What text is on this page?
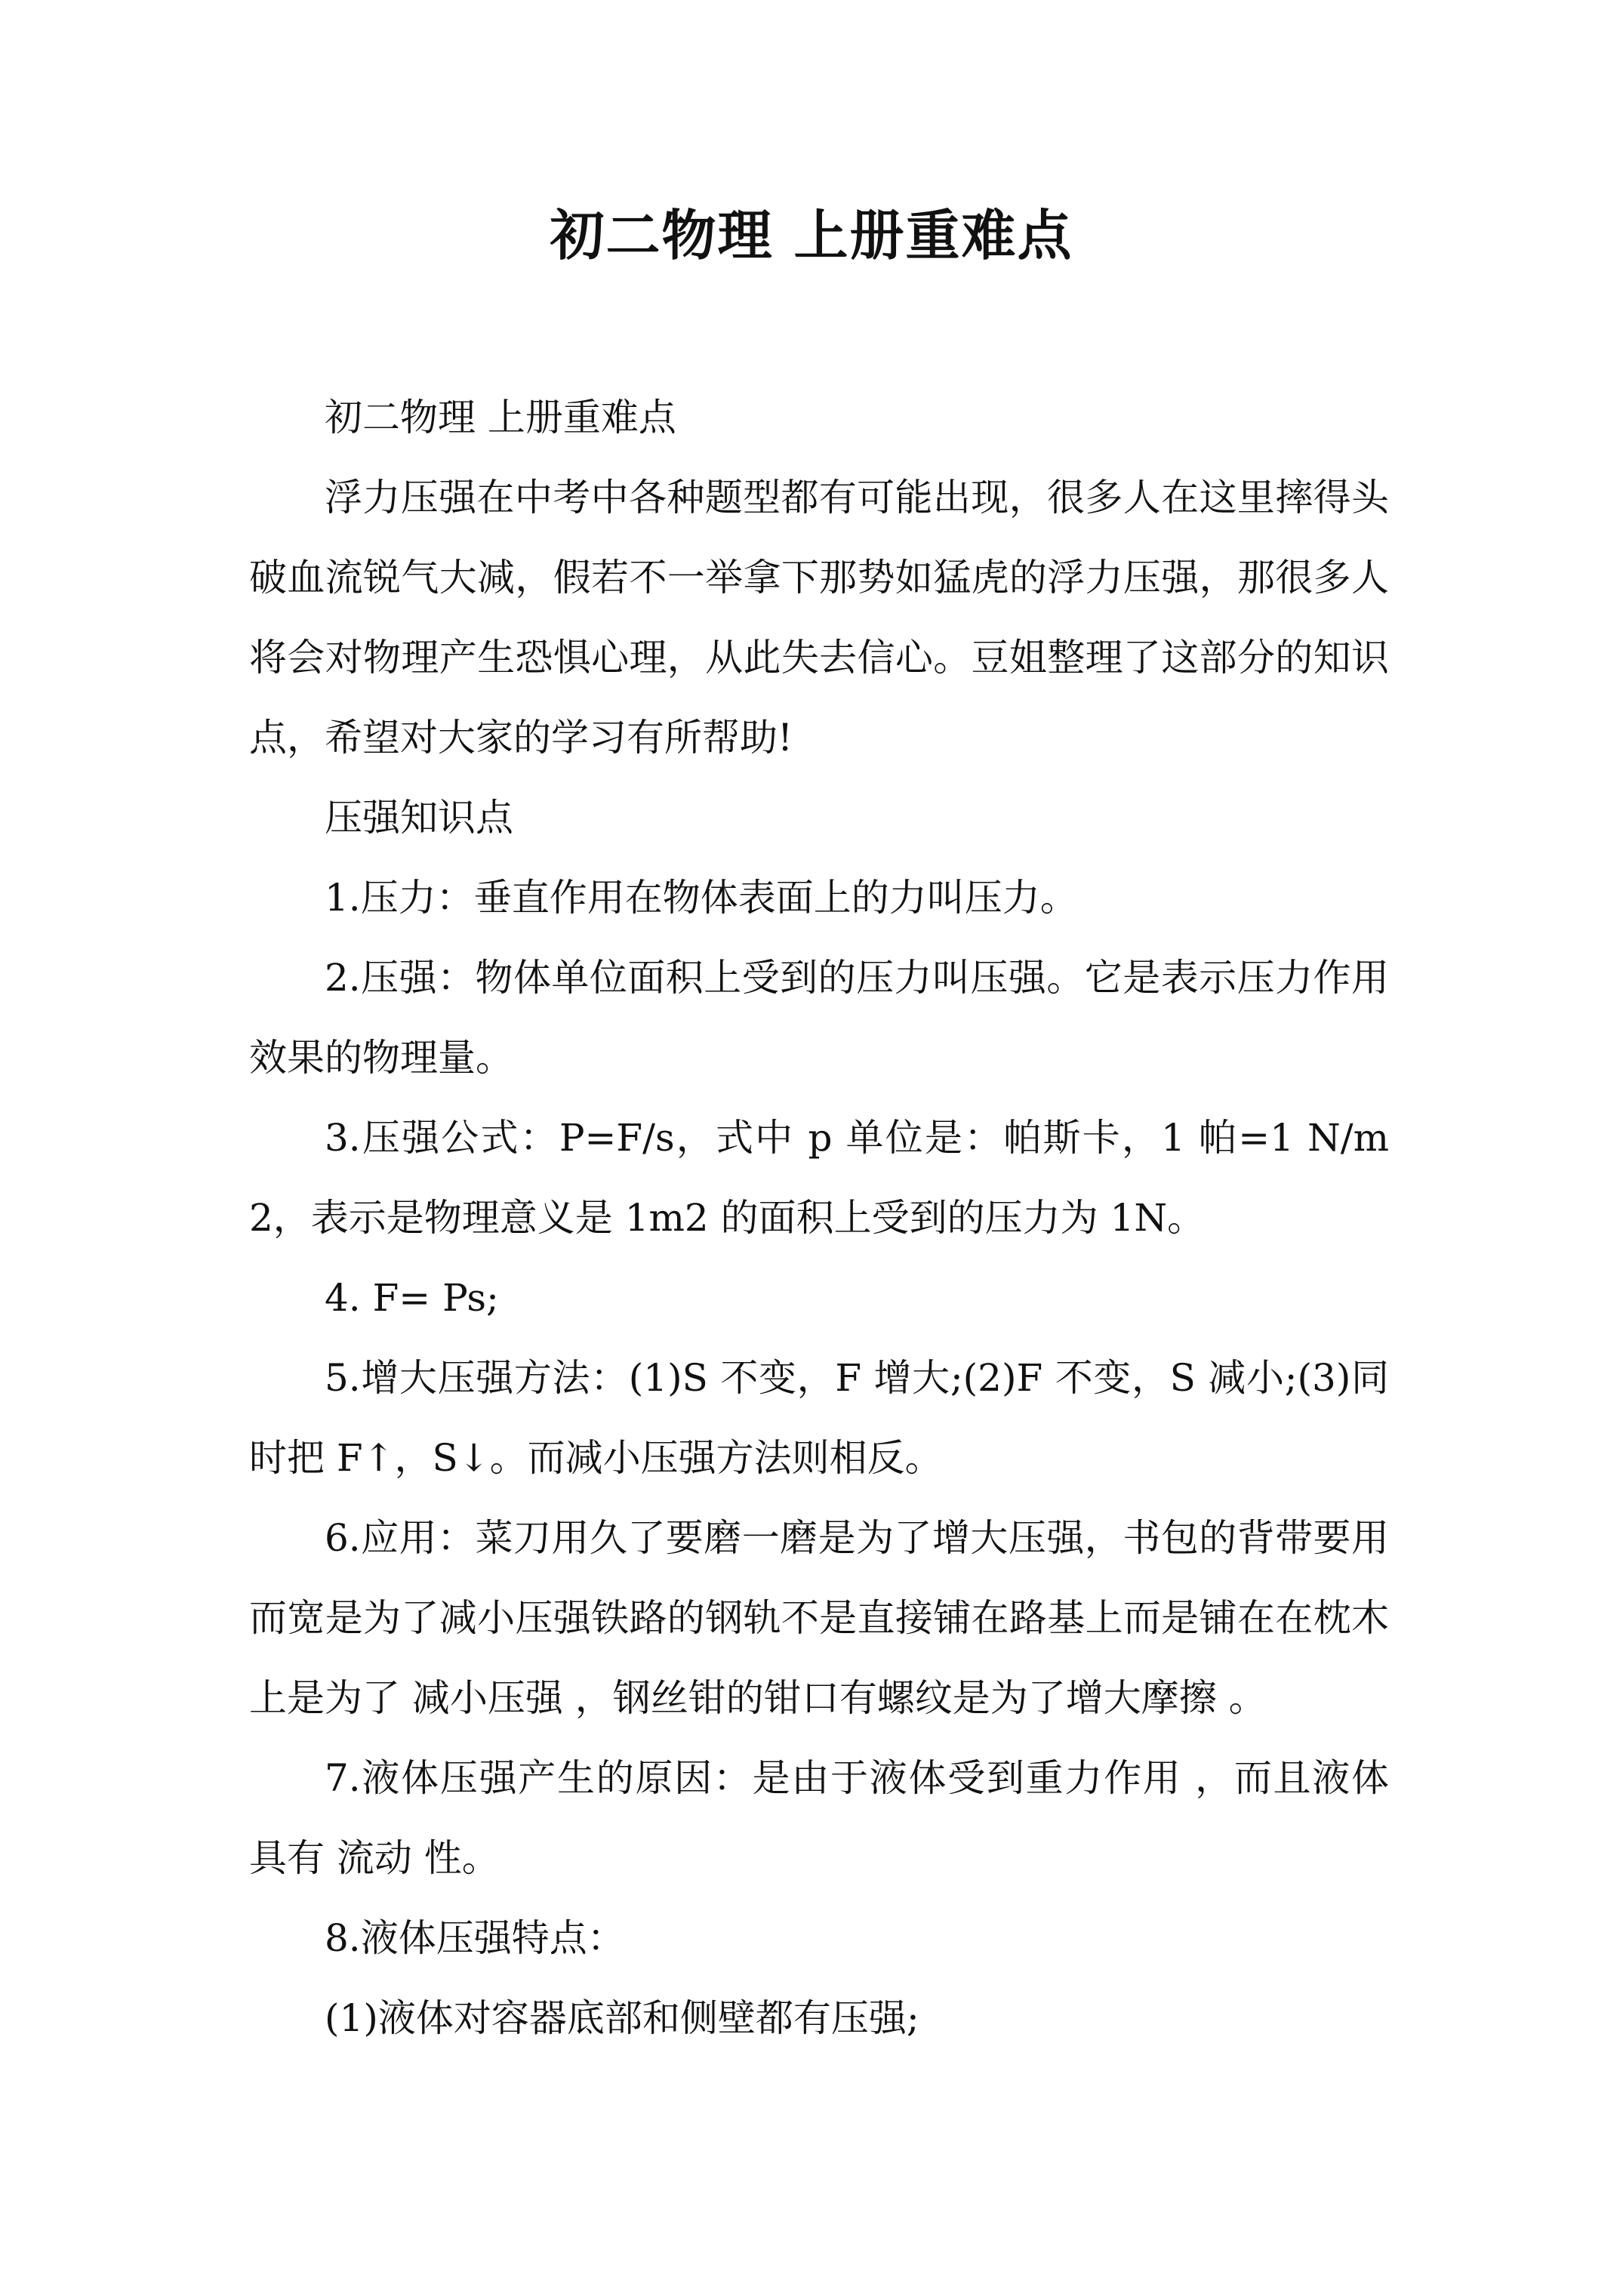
初二物理 上册重难点

初二物理 上册重难点

浮力压强在中考中各种题型都有可能出现，很多人在这里摔得头破血流锐气大减，假若不一举拿下那势如猛虎的浮力压强，那很多人将会对物理产生恐惧心理，从此失去信心。豆姐整理了这部分的知识点，希望对大家的学习有所帮助!

压强知识点

1.压力：垂直作用在物体表面上的力叫压力。

2.压强：物体单位面积上受到的压力叫压强。它是表示压力作用效果的物理量。

3.压强公式：P=F/s，式中 p 单位是：帕斯卡，1 帕=1 N/m2，表示是物理意义是 1m2 的面积上受到的压力为 1N。

4. F= Ps;

5.增大压强方法：(1)S 不变，F 增大;(2)F 不变，S 减小;(3)同时把 F↑，S↓。而减小压强方法则相反。

6.应用：菜刀用久了要磨一磨是为了增大压强，书包的背带要用而宽是为了减小压强铁路的钢轨不是直接铺在路基上而是铺在在枕木上是为了 减小压强 ，钢丝钳的钳口有螺纹是为了增大摩擦 。

7.液体压强产生的原因：是由于液体受到重力作用 ，而且液体具有 流动 性。

8.液体压强特点：

(1)液体对容器底部和侧壁都有压强;
